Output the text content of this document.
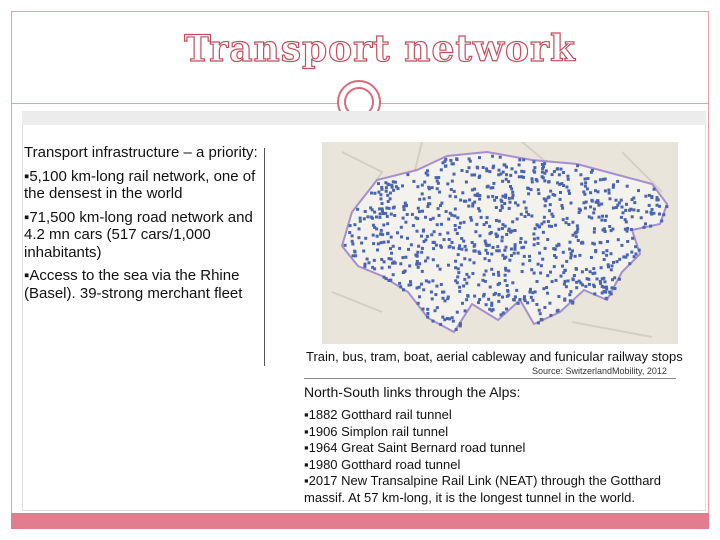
Transport network

Transport infrastructure – a priority:

▪5,100 km-long rail network, one of the densest in the world

▪71,500 km-long road network and 4.2 mn cars (517 cars/1,000 inhabitants)

▪Access to the sea via the Rhine (Basel). 39-strong merchant fleet

Train, bus, tram, boat, aerial cableway and funicular railway stops
Source: SwitzerlandMobility, 2012
North-South links through the Alps:
▪1882 Gotthard rail tunnel
▪1906 Simplon rail tunnel
▪1964 Great Saint Bernard road tunnel
▪1980 Gotthard road tunnel
▪2017 New Transalpine Rail Link (NEAT) through the Gotthard massif. At 57 km-long, it is the longest tunnel in the world.
